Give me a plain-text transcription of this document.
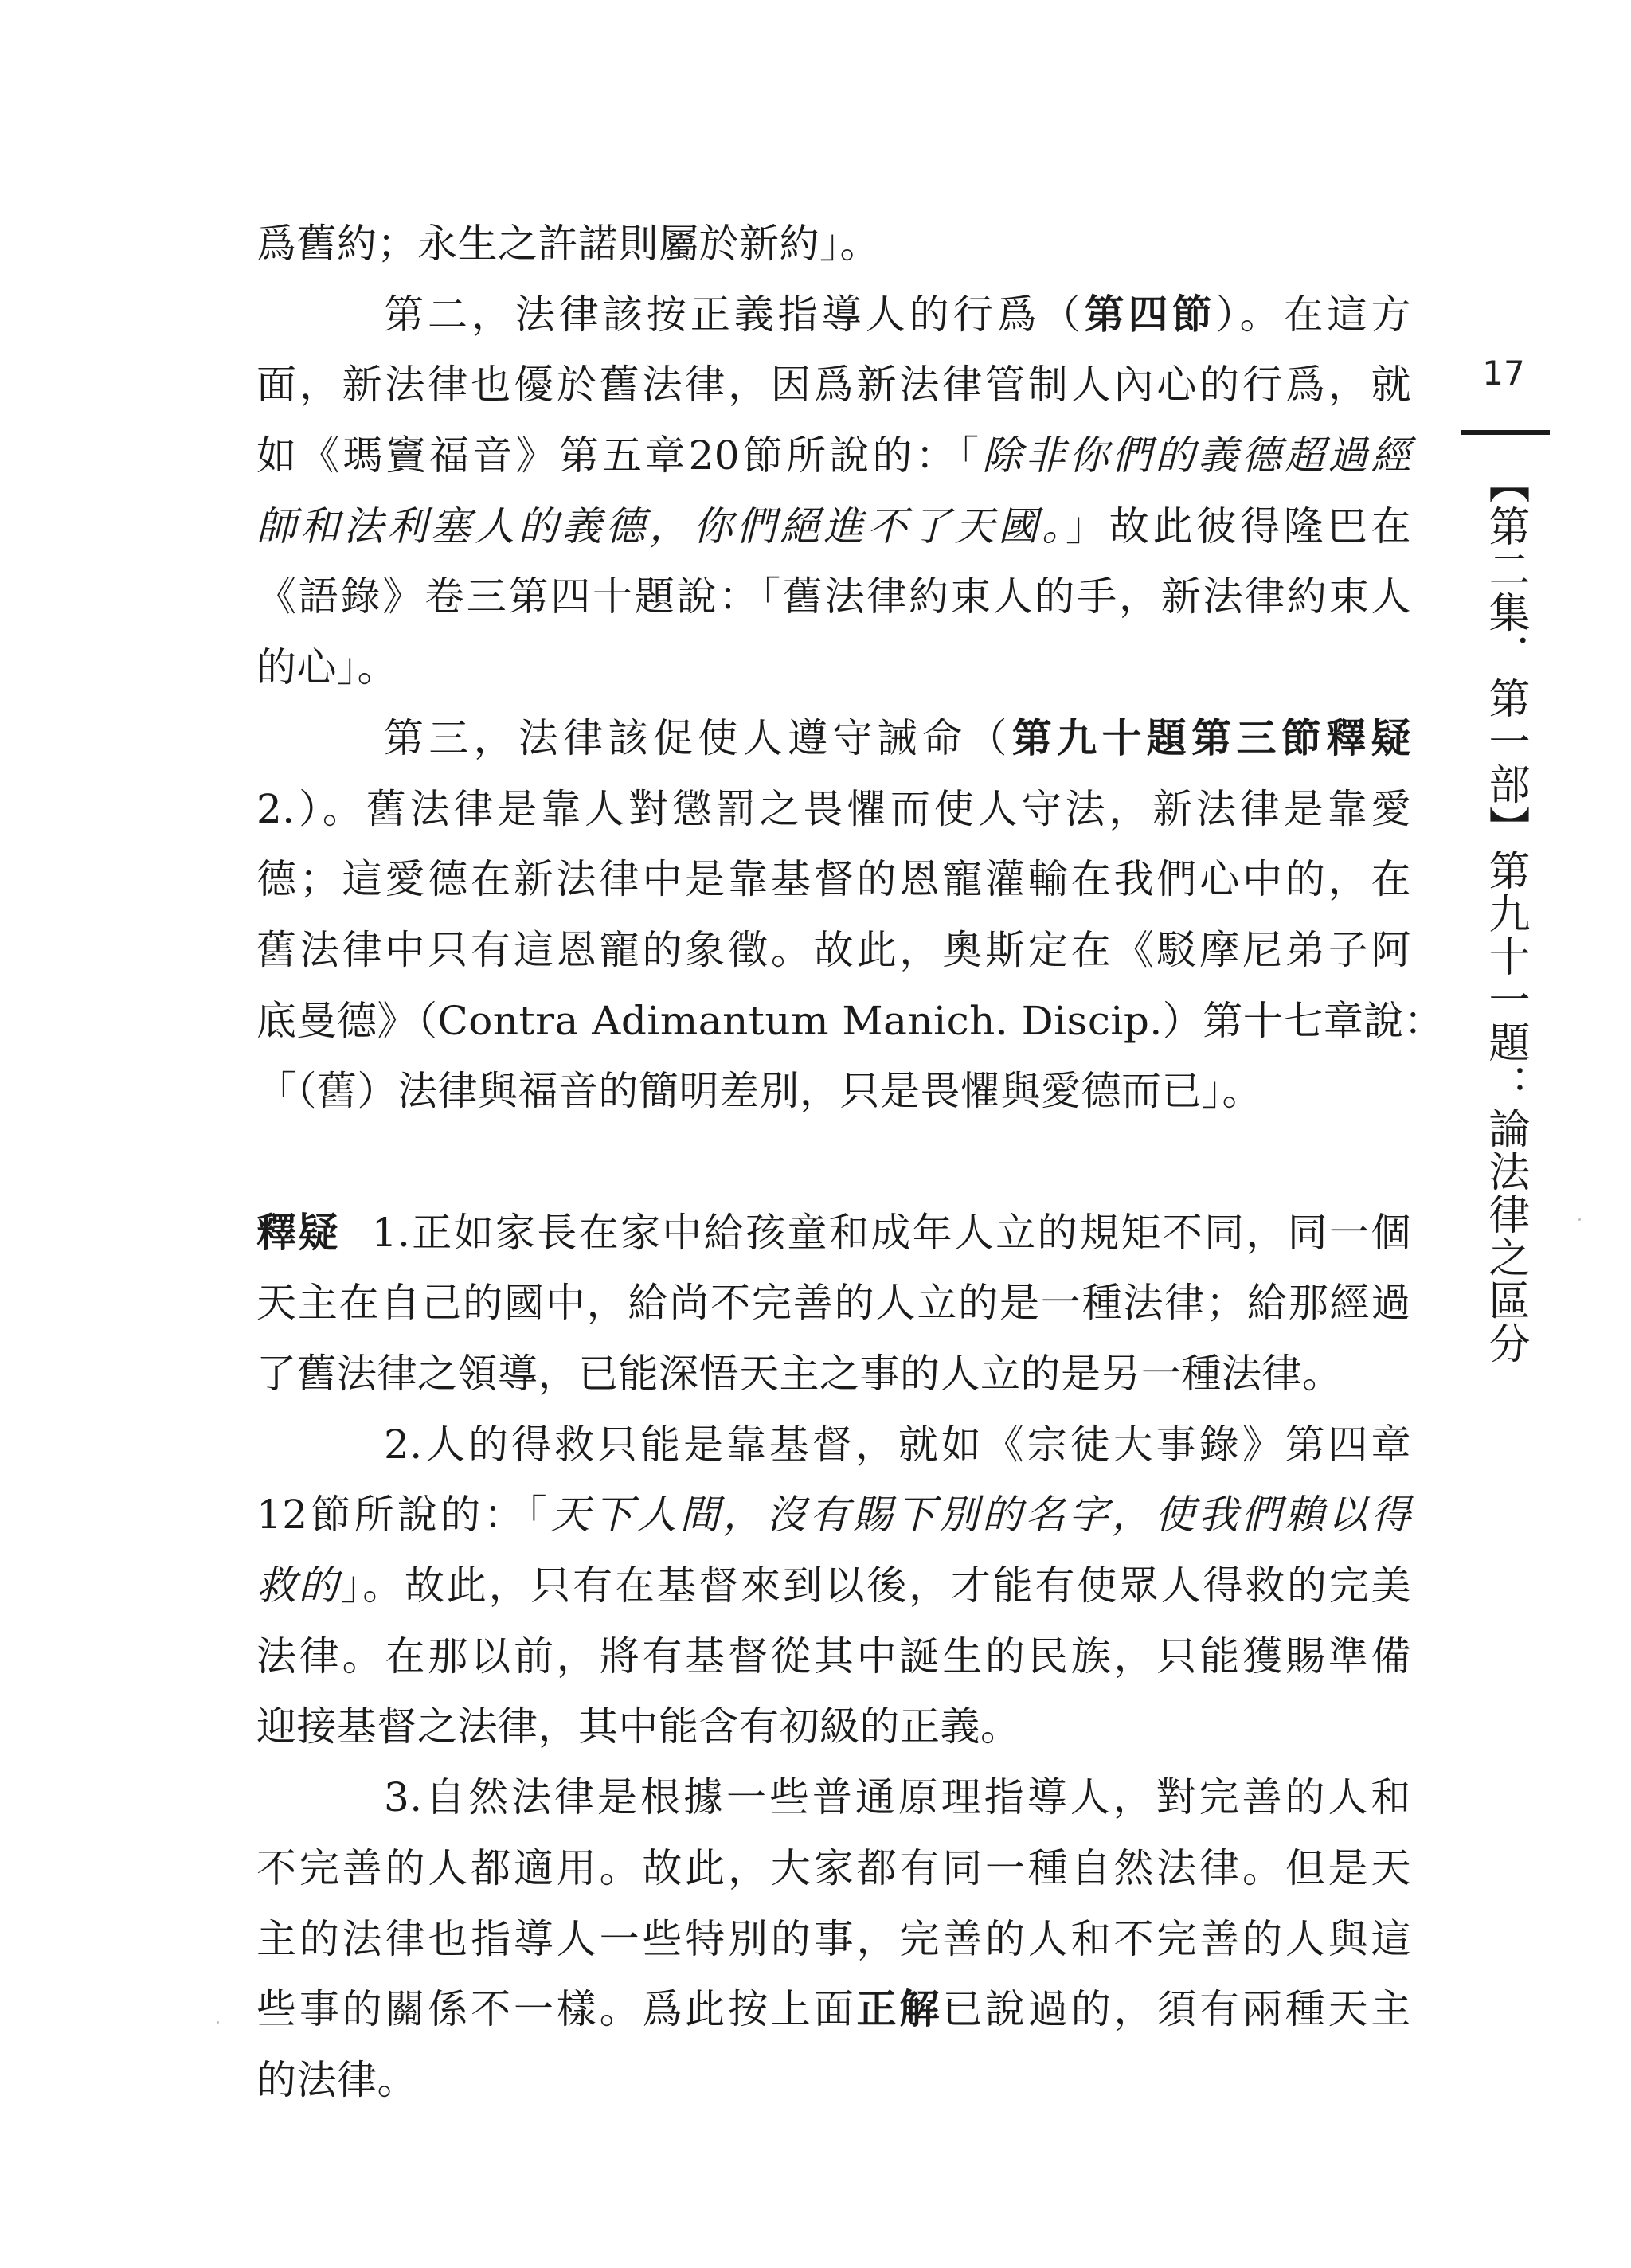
爲舊約；永生之許諾則屬於新約」。
第二，法律該按正義指導人的行爲（第四節）。在這方
面，新法律也優於舊法律，因爲新法律管制人內心的行爲，就
如《瑪竇福音》第五章20節所說的：「除非你們的義德超過經
師和法利塞人的義德，你們絕進不了天國。」故此彼得隆巴在
《語錄》卷三第四十題說：「舊法律約束人的手，新法律約束人
的心」。
第三，法律該促使人遵守誡命（第九十題第三節釋疑
2.）。舊法律是靠人對懲罰之畏懼而使人守法，新法律是靠愛
德；這愛德在新法律中是靠基督的恩寵灌輸在我們心中的，在
舊法律中只有這恩寵的象徵。故此，奧斯定在《駁摩尼弟子阿
底曼德》（Contra Adimantum Manich. Discip.）第十七章說：
「（舊）法律與福音的簡明差別，只是畏懼與愛德而已」。
釋疑 1.正如家長在家中給孩童和成年人立的規矩不同，同一個
天主在自己的國中，給尚不完善的人立的是一種法律；給那經過
了舊法律之領導，已能深悟天主之事的人立的是另一種法律。
2.人的得救只能是靠基督，就如《宗徒大事錄》第四章
12節所說的：「天下人間，沒有賜下別的名字，使我們賴以得
救的」。故此，只有在基督來到以後，才能有使眾人得救的完美
法律。在那以前，將有基督從其中誕生的民族，只能獲賜準備
迎接基督之法律，其中能含有初級的正義。
3.自然法律是根據一些普通原理指導人，對完善的人和
不完善的人都適用。故此，大家都有同一種自然法律。但是天
主的法律也指導人一些特別的事，完善的人和不完善的人與這
些事的關係不一樣。爲此按上面正解已說過的，須有兩種天主
的法律。
17
【第二集．第一部】第九十一題：論法律之區分
